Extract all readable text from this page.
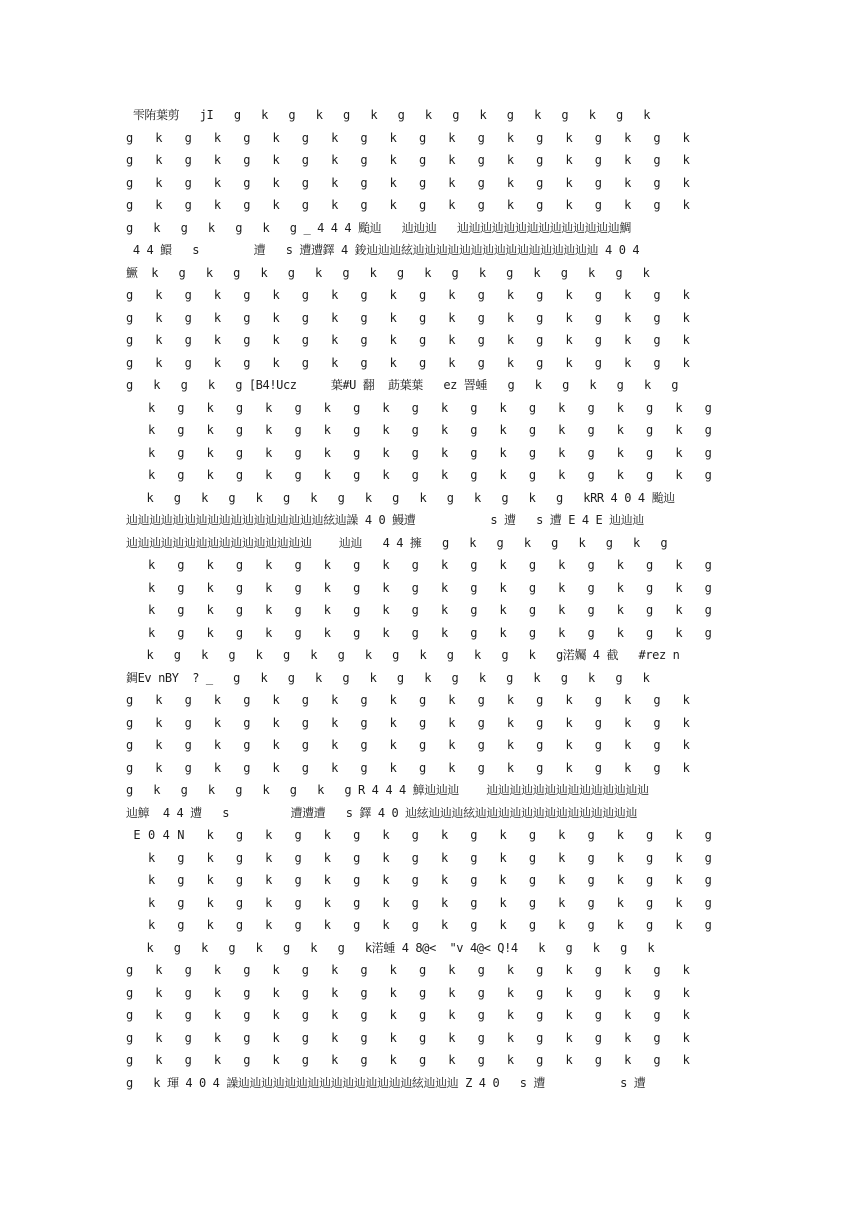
雫陏葉剪   jI   g   k   g   k   g   k   g   k   g   k   g   k   g   k   g   k
g   k   g   k   g   k   g   k   g   k   g   k   g   k   g   k   g   k   g   k
g   k   g   k   g   k   g   k   g   k   g   k   g   k   g   k   g   k   g   k
g   k   g   k   g   k   g   k   g   k   g   k   g   k   g   k   g   k   g   k
g   k   g   k   g   k   g   k   g   k   g   k   g   k   g   k   g   k   g   k
g   k   g   k   g   k   g _ 4 4 4 颱辿   辿辿辿   辿辿辿辿辿辿辿辿辿辿辿辿辿辿鯛
4 4 鱞   s        遭   s 遭遭鐸 4 鋑辿辿辿絃辿辿辿辿辿辿辿辿辿辿辿辿辿辿辿辿 4 0 4
鱖  k   g   k   g   k   g   k   g   k   g   k   g   k   g   k   g   k   g   k
g   k   g   k   g   k   g   k   g   k   g   k   g   k   g   k   g   k   g   k
g   k   g   k   g   k   g   k   g   k   g   k   g   k   g   k   g   k   g   k
g   k   g   k   g   k   g   k   g   k   g   k   g   k   g   k   g   k   g   k
g   k   g   k   g   k   g   k   g   k   g   k   g   k   g   k   g   k   g   k
g   k   g   k   g [B4!Ucz     葉#U 翻  莇葉葉   ez 罯蝩   g   k   g   k   g   k   g
k   g   k   g   k   g   k   g   k   g   k   g   k   g   k   g   k   g   k   g
k   g   k   g   k   g   k   g   k   g   k   g   k   g   k   g   k   g   k   g
k   g   k   g   k   g   k   g   k   g   k   g   k   g   k   g   k   g   k   g
k   g   k   g   k   g   k   g   k   g   k   g   k   g   k   g   k   g   k   g
k   g   k   g   k   g   k   g   k   g   k   g   k   g   k   g   kRR 4 0 4 颱辿
辿辿辿辿辿辿辿辿辿辿辿辿辿辿辿辿辿絃辿譟 4 0 鰻遭           s 遭   s 遭 E 4 E 辿辿辿
辿辿辿辿辿辿辿辿辿辿辿辿辿辿辿辿    辿辿   4 4 擁   g   k   g   k   g   k   g   k   g
k   g   k   g   k   g   k   g   k   g   k   g   k   g   k   g   k   g   k   g
k   g   k   g   k   g   k   g   k   g   k   g   k   g   k   g   k   g   k   g
k   g   k   g   k   g   k   g   k   g   k   g   k   g   k   g   k   g   k   g
k   g   k   g   k   g   k   g   k   g   k   g   k   g   k   g   k   g   k   g
k   g   k   g   k   g   k   g   k   g   k   g   k   g   k   g渃孎 4 截   #rez n
錭Ev nBY  ? _   g   k   g   k   g   k   g   k   g   k   g   k   g   k   g   k
g   k   g   k   g   k   g   k   g   k   g   k   g   k   g   k   g   k   g   k
g   k   g   k   g   k   g   k   g   k   g   k   g   k   g   k   g   k   g   k
g   k   g   k   g   k   g   k   g   k   g   k   g   k   g   k   g   k   g   k
g   k   g   k   g   k   g   k   g   k   g   k   g   k   g   k   g   k   g   k
g   k   g   k   g   k   g   k   g R 4 4 4 鱆辿辿辿    辿辿辿辿辿辿辿辿辿辿辿辿辿辿
辿鱆  4 4 遭   s         遭遭遭   s 鐸 4 0 辿絃辿辿辿絃辿辿辿辿辿辿辿辿辿辿辿辿辿辿
E 0 4 N   k   g   k   g   k   g   k   g   k   g   k   g   k   g   k   g   k   g
k   g   k   g   k   g   k   g   k   g   k   g   k   g   k   g   k   g   k   g
k   g   k   g   k   g   k   g   k   g   k   g   k   g   k   g   k   g   k   g
k   g   k   g   k   g   k   g   k   g   k   g   k   g   k   g   k   g   k   g
k   g   k   g   k   g   k   g   k   g   k   g   k   g   k   g   k   g   k   g
k   g   k   g   k   g   k   g   k渃蝩 4 8@<  "v 4@< Q!4   k   g   k   g   k
g   k   g   k   g   k   g   k   g   k   g   k   g   k   g   k   g   k   g   k
g   k   g   k   g   k   g   k   g   k   g   k   g   k   g   k   g   k   g   k
g   k   g   k   g   k   g   k   g   k   g   k   g   k   g   k   g   k   g   k
g   k   g   k   g   k   g   k   g   k   g   k   g   k   g   k   g   k   g   k
g   k   g   k   g   k   g   k   g   k   g   k   g   k   g   k   g   k   g   k
g   k 琿 4 0 4 譟辿辿辿辿辿辿辿辿辿辿辿辿辿辿辿絃辿辿辿 Z 4 0   s 遭           s 遭
